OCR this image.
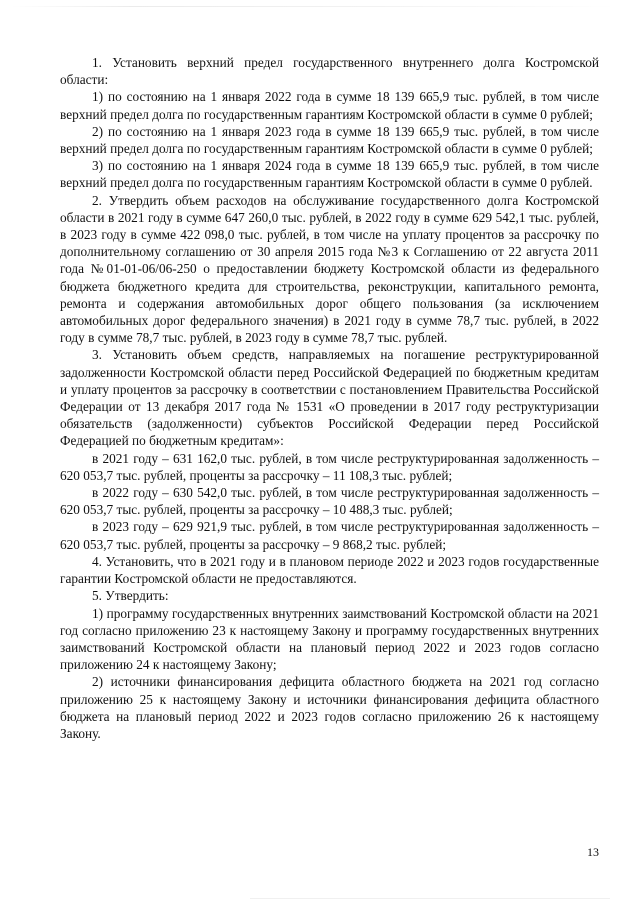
1. Установить верхний предел государственного внутреннего долга Костромской области:

1) по состоянию на 1 января 2022 года в сумме 18 139 665,9 тыс. рублей, в том числе верхний предел долга по государственным гарантиям Костромской области в сумме 0 рублей;

2) по состоянию на 1 января 2023 года в сумме 18 139 665,9 тыс. рублей, в том числе верхний предел долга по государственным гарантиям Костромской области в сумме 0 рублей;

3) по состоянию на 1 января 2024 года в сумме 18 139 665,9 тыс. рублей, в том числе верхний предел долга по государственным гарантиям Костромской области в сумме 0 рублей.

2. Утвердить объем расходов на обслуживание государственного долга Костромской области в 2021 году в сумме 647 260,0 тыс. рублей, в 2022 году в сумме 629 542,1 тыс. рублей, в 2023 году в сумме 422 098,0 тыс. рублей, в том числе на уплату процентов за рассрочку по дополнительному соглашению от 30 апреля 2015 года №3 к Соглашению от 22 августа 2011 года №01-01-06/06-250 о предоставлении бюджету Костромской области из федерального бюджета бюджетного кредита для строительства, реконструкции, капитального ремонта, ремонта и содержания автомобильных дорог общего пользования (за исключением автомобильных дорог федерального значения) в 2021 году в сумме 78,7 тыс. рублей, в 2022 году в сумме 78,7 тыс. рублей, в 2023 году в сумме 78,7 тыс. рублей.

3. Установить объем средств, направляемых на погашение реструктурированной задолженности Костромской области перед Российской Федерацией по бюджетным кредитам и уплату процентов за рассрочку в соответствии с постановлением Правительства Российской Федерации от 13 декабря 2017 года № 1531 «О проведении в 2017 году реструктуризации обязательств (задолженности) субъектов Российской Федерации перед Российской Федерацией по бюджетным кредитам»:

в 2021 году – 631 162,0 тыс. рублей, в том числе реструктурированная задолженность – 620 053,7 тыс. рублей, проценты за рассрочку – 11 108,3 тыс. рублей;

в 2022 году – 630 542,0 тыс. рублей, в том числе реструктурированная задолженность – 620 053,7 тыс. рублей, проценты за рассрочку – 10 488,3 тыс. рублей;

в 2023 году – 629 921,9 тыс. рублей, в том числе реструктурированная задолженность – 620 053,7 тыс. рублей, проценты за рассрочку – 9 868,2 тыс. рублей;

4. Установить, что в 2021 году и в плановом периоде 2022 и 2023 годов государственные гарантии Костромской области не предоставляются.

5. Утвердить:

1) программу государственных внутренних заимствований Костромской области на 2021 год согласно приложению 23 к настоящему Закону и программу государственных внутренних заимствований Костромской области на плановый период 2022 и 2023 годов согласно приложению 24 к настоящему Закону;

2) источники финансирования дефицита областного бюджета на 2021 год согласно приложению 25 к настоящему Закону и источники финансирования дефицита областного бюджета на плановый период 2022 и 2023 годов согласно приложению 26 к настоящему Закону.

13
